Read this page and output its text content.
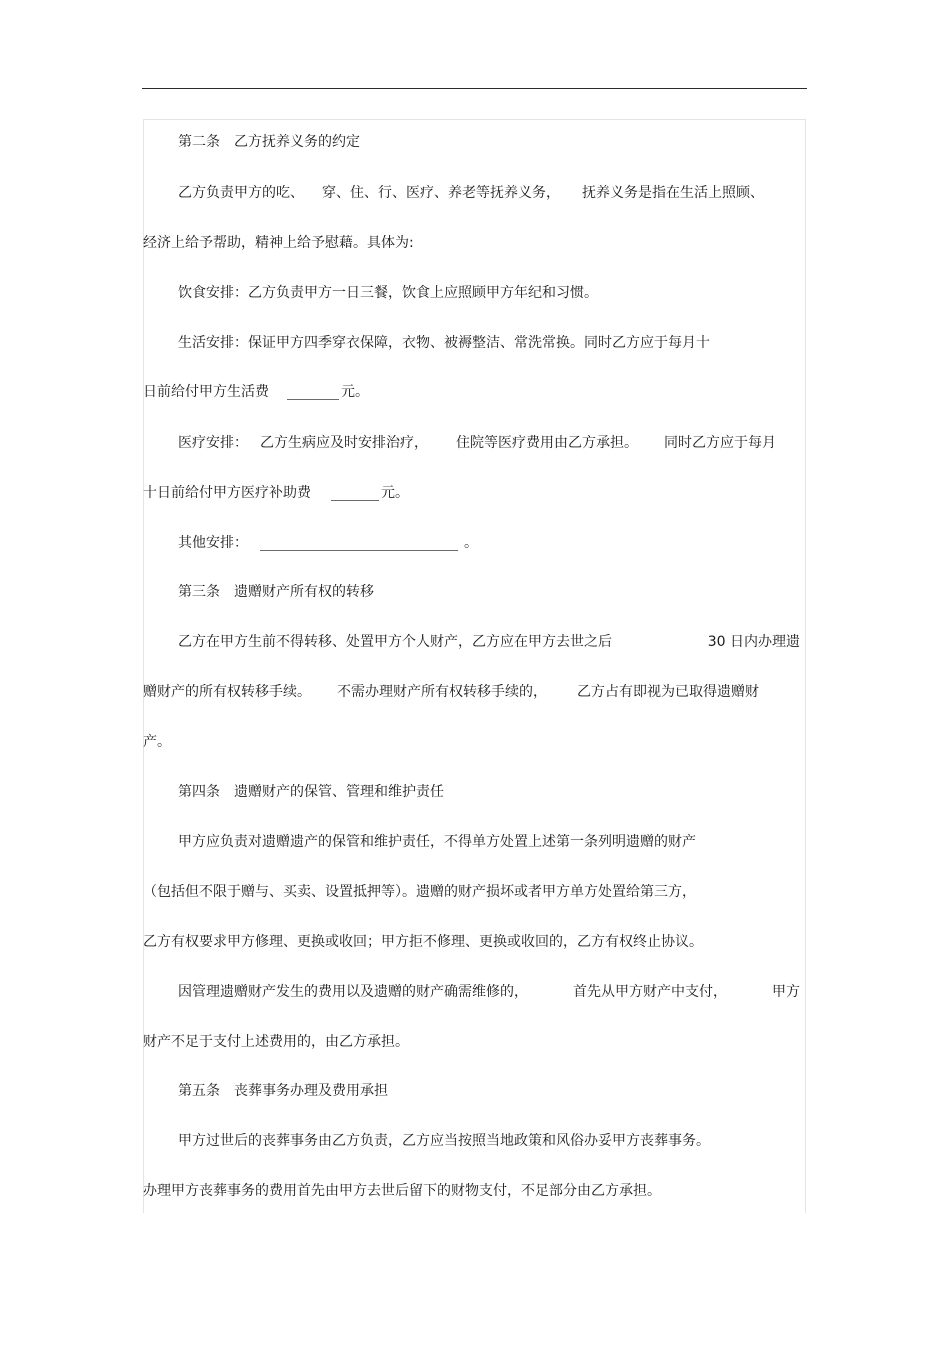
第二条 乙方抚养义务的约定
乙方负责甲方的吃、 穿、住、行、医疗、养老等抚养义务， 抚养义务是指在生活上照顾、
经济上给予帮助，精神上给予慰藉。具体为:
饮食安排：乙方负责甲方一日三餐，饮食上应照顾甲方年纪和习惯。
生活安排：保证甲方四季穿衣保障，衣物、被褥整洁、常洗常换。同时乙方应于每月十
日前给付甲方生活费	元。
医疗安排： 乙方生病应及时安排治疗， 住院等医疗费用由乙方承担。 同时乙方应于每月
十日前给付甲方医疗补助费	元。
其他安排：	。
第三条 遗赠财产所有权的转移
乙方在甲方生前不得转移、处置甲方个人财产，乙方应在甲方去世之后	30 日内办理遗
赠财产的所有权转移手续。 不需办理财产所有权转移手续的， 乙方占有即视为已取得遗赠财
产。
第四条 遗赠财产的保管、管理和维护责任
甲方应负责对遗赠遗产的保管和维护责任，不得单方处置上述第一条列明遗赠的财产
（包括但不限于赠与、买卖、设置抵押等）。遗赠的财产损坏或者甲方单方处置给第三方，
乙方有权要求甲方修理、更换或收回；甲方拒不修理、更换或收回的，乙方有权终止协议。
因管理遗赠财产发生的费用以及遗赠的财产确需维修的，	首先从甲方财产中支付，	甲方
财产不足于支付上述费用的，由乙方承担。
第五条 丧葬事务办理及费用承担
甲方过世后的丧葬事务由乙方负责，乙方应当按照当地政策和风俗办妥甲方丧葬事务。
办理甲方丧葬事务的费用首先由甲方去世后留下的财物支付，不足部分由乙方承担。
